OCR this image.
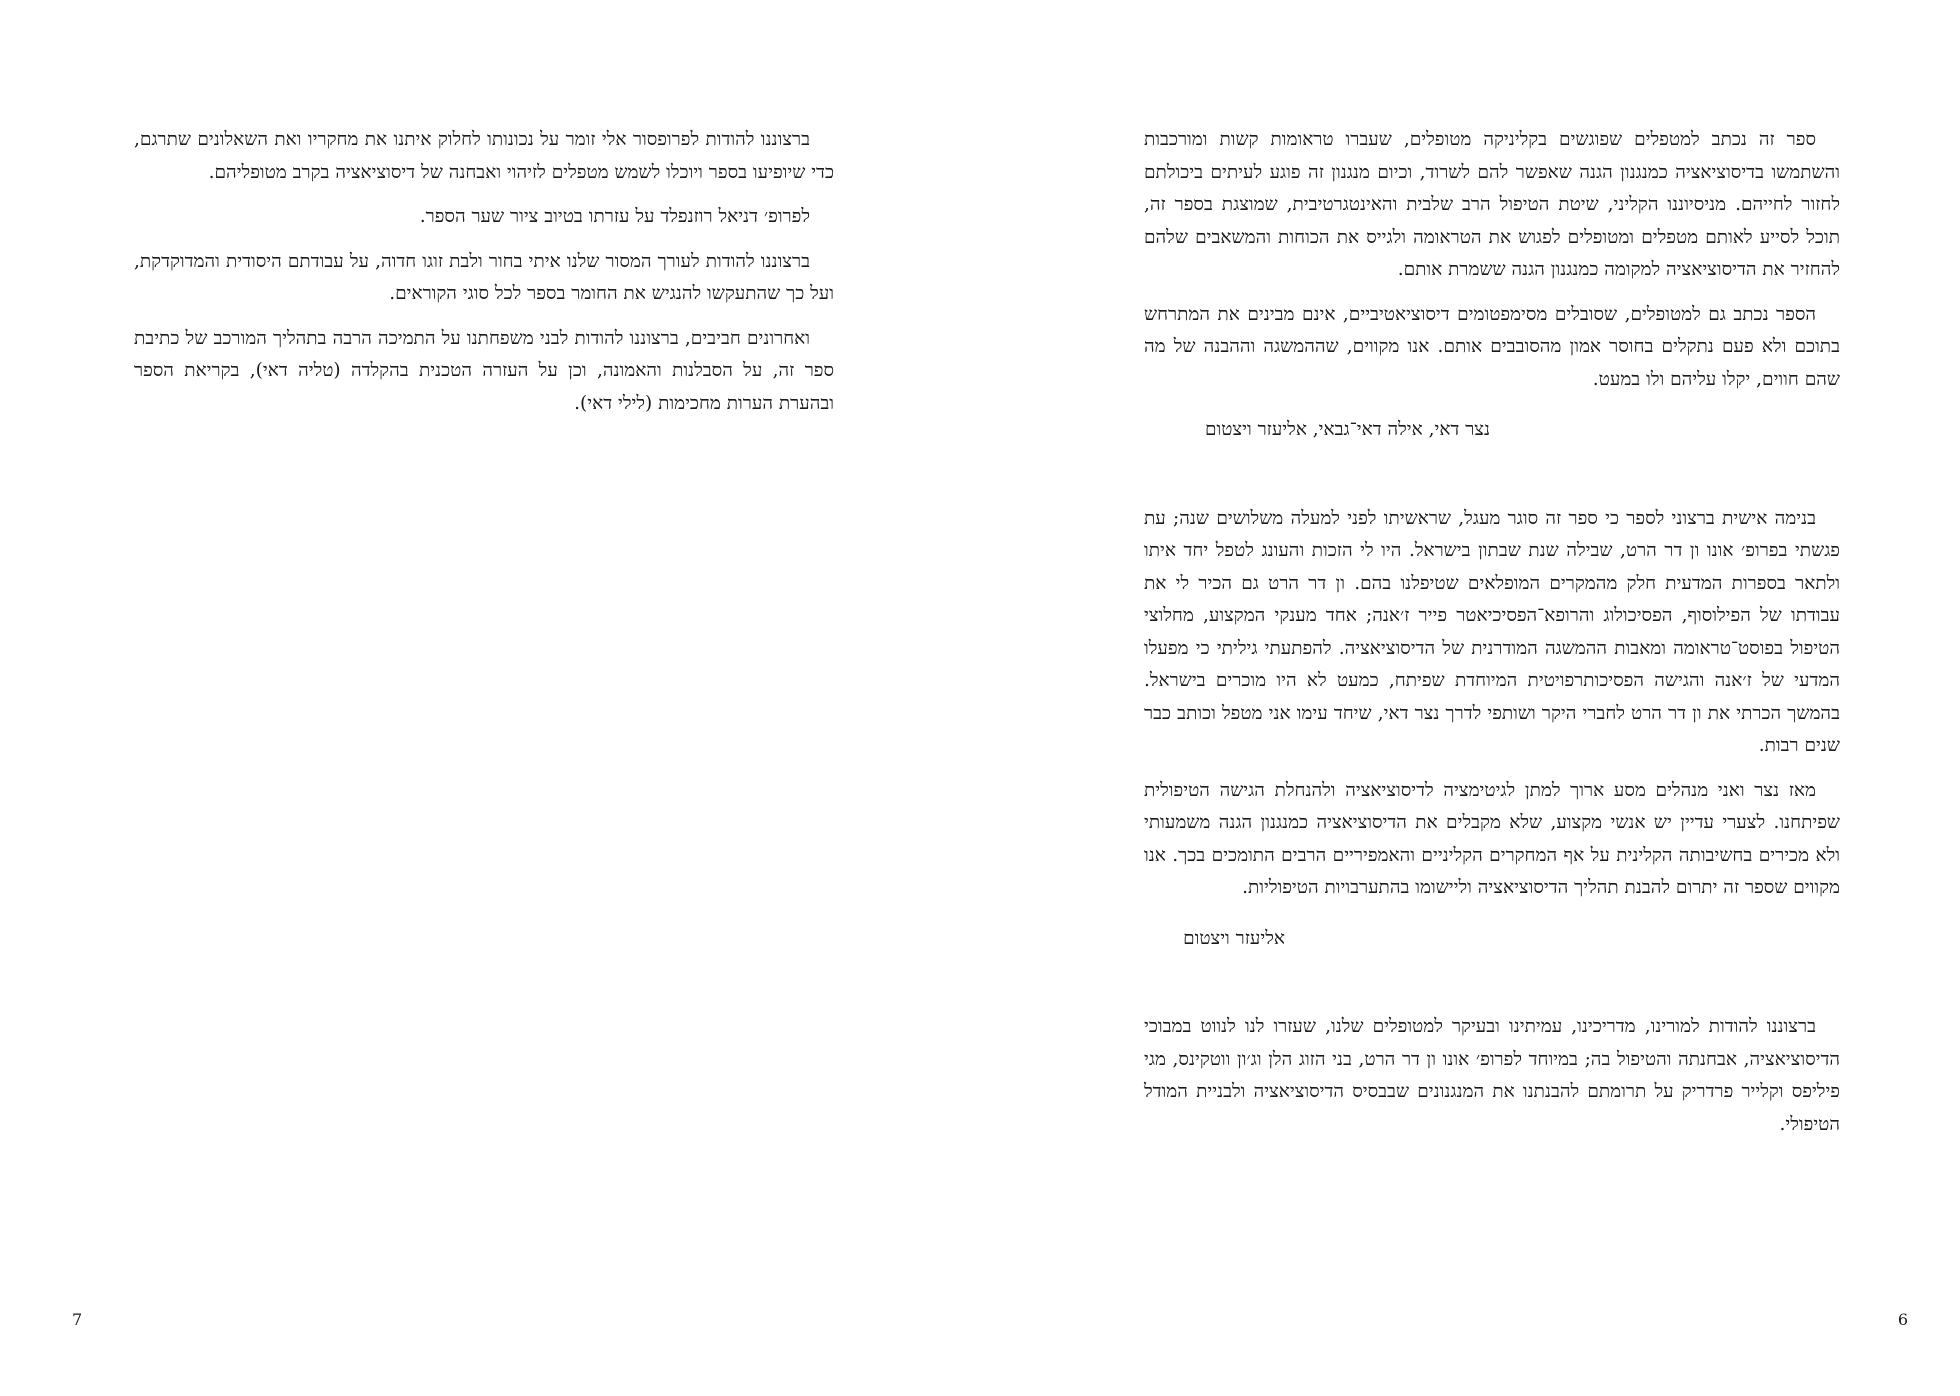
ספר זה נכתב למטפלים שפוגשים בקליניקה מטופלים, שעברו טראומות קשות ומורכבות והשתמשו בדיסוציאציה כמנגנון הגנה שאפשר להם לשרוד, וכיום מנגנון זה פוגע לעיתים ביכולתם לחזור לחייהם. מניסיוננו הקליני, שיטת הטיפול הרב שלבית והאינטגרטיבית, שמוצגת בספר זה, תוכל לסייע לאותם מטפלים ומטופלים לפגוש את הטראומה ולגייס את הכוחות והמשאבים שלהם להחזיר את הדיסוציאציה למקומה כמנגנון הגנה ששמרת אותם.

הספר נכתב גם למטופלים, שסובלים מסימפטומים דיסוציאטיביים, אינם מבינים את המתרחש בתוכם ולא פעם נתקלים בחוסר אמון מהסובבים אותם. אנו מקווים, שההמשגה וההבנה של מה שהם חווים, יקלו עליהם ולו במעט.

נצר דאי, אילה דאי־גבאי, אליעזר ויצטום

בנימה אישית ברצוני לספר כי ספר זה סוגר מעגל, שראשיתו לפני למעלה משלושים שנה; עת פגשתי בפרופ׳ אונו ון דר הרט, שבילה שנת שבתון בישראל. היו לי הזכות והעונג לטפל יחד איתו ולתאר בספרות המדעית חלק מהמקרים המופלאים שטיפלנו בהם. ון דר הרט גם הכיר לי את עבודתו של הפילוסוף, הפסיכולוג והרופא־הפסיכיאטר פייר ז׳אנה; אחד מענקי המקצוע, מחלוצי הטיפול בפוסט־טראומה ומאבות ההמשגה המודרנית של הדיסוציאציה. להפתעתי גיליתי כי מפעלו המדעי של ז׳אנה והגישה הפסיכותרפויטית המיוחדת שפיתח, כמעט לא היו מוכרים בישראל. בהמשך הכרתי את ון דר הרט לחברי היקר ושותפי לדרך נצר דאי, שיחד עימו אני מטפל וכותב כבר שנים רבות.

מאז נצר ואני מנהלים מסע ארוך למתן לגיטימציה לדיסוציאציה ולהנחלת הגישה הטיפולית שפיתחנו. לצערי עדיין יש אנשי מקצוע, שלא מקבלים את הדיסוציאציה כמנגנון הגנה משמעותי ולא מכירים בחשיבותה הקלינית על אף המחקרים הקליניים והאמפיריים הרבים התומכים בכך. אנו מקווים שספר זה יתרום להבנת תהליך הדיסוציאציה וליישומו בהתערבויות הטיפוליות.

אליעזר ויצטום

ברצוננו להודות למורינו, מדריכינו, עמיתינו ובעיקר למטופלים שלנו, שעזרו לנו לנווט במבוכי הדיסוציאציה, אבחנתה והטיפול בה; במיוחד לפרופ׳ אונו ון דר הרט, בני הזוג הלן וג׳ון ווטקינס, מגי פיליפס וקלייר פרדריק על תרומתם להבנתנו את המנגנונים שבבסיס הדיסוציאציה ולבניית המודל הטיפולי.

6

ברצוננו להודות לפרופסור אלי זומר על נכונותו לחלוק איתנו את מחקריו ואת השאלונים שתרגם, כדי שיופיעו בספר ויוכלו לשמש מטפלים לזיהוי ואבחנה של דיסוציאציה בקרב מטופליהם.

לפרופ׳ דניאל רוזנפלד על עזרתו בטיוב ציור שער הספר.

ברצוננו להודות לעורך המסור שלנו איתי בחור ולבת זוגו חדוה, על עבודתם היסודית והמדוקדקת, ועל כך שהתעקשו להנגיש את החומר בספר לכל סוגי הקוראים.

ואחרונים חביבים, ברצוננו להודות לבני משפחתנו על התמיכה הרבה בתהליך המורכב של כתיבת ספר זה, על הסבלנות והאמונה, וכן על העזרה הטכנית בהקלדה (טליה דאי), בקריאת הספר ובהערת הערות מחכימות (לילי דאי).

7
